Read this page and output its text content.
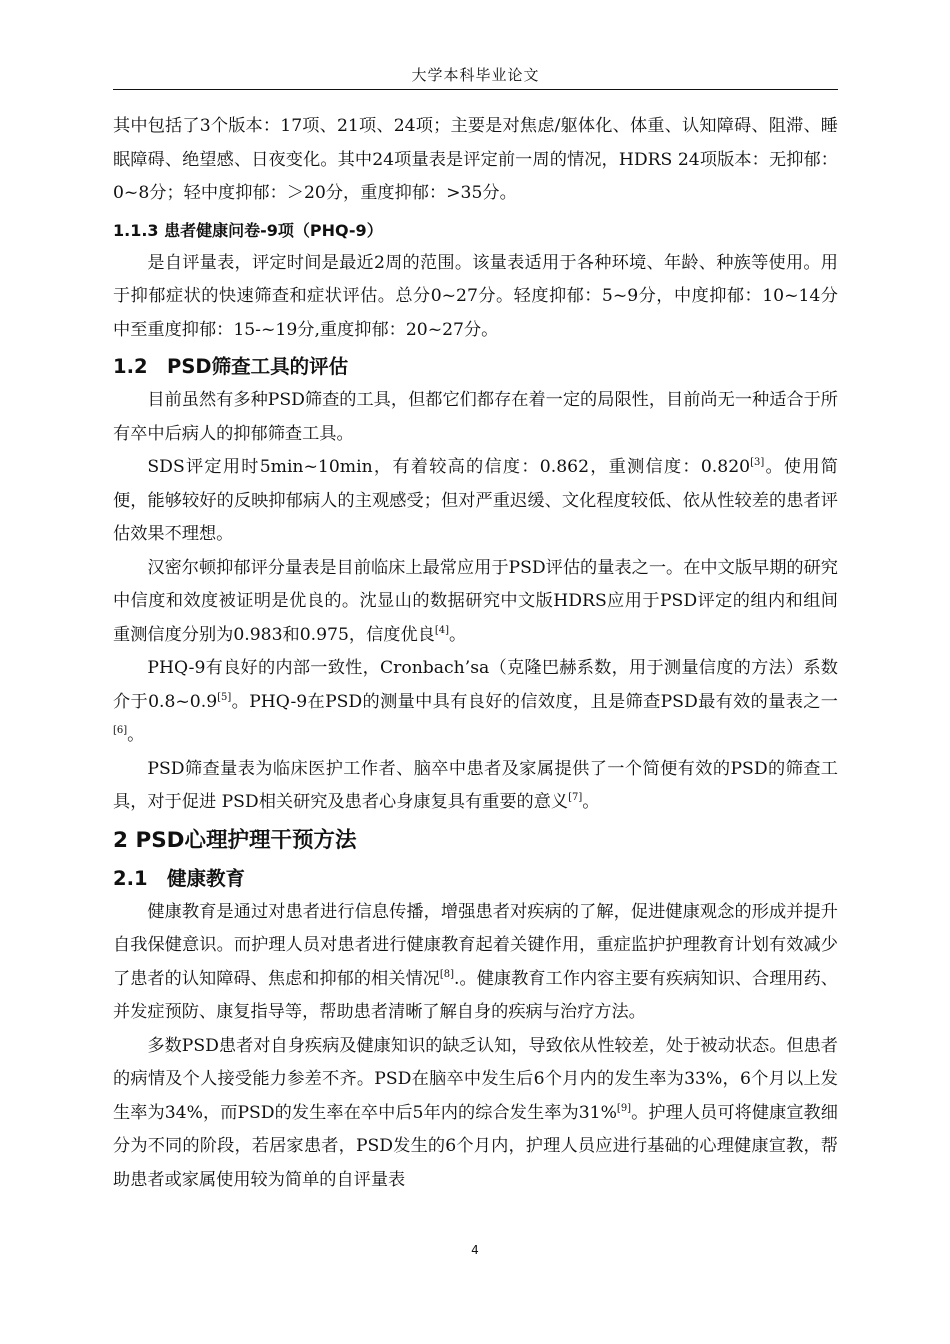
大学本科毕业论文

其中包括了3个版本：17项、21项、24项；主要是对焦虑/躯体化、体重、认知障碍、阻滞、睡眠障碍、绝望感、日夜变化。其中24项量表是评定前一周的情况，HDRS 24项版本：无抑郁：0~8分；轻中度抑郁：＞20分，重度抑郁：>35分。

1.1.3 患者健康问卷-9项（PHQ-9）

是自评量表，评定时间是最近2周的范围。该量表适用于各种环境、年龄、种族等使用。用于抑郁症状的快速筛查和症状评估。总分0~27分。轻度抑郁：5~9分，中度抑郁：10~14分中至重度抑郁：15-~19分,重度抑郁：20~27分。

1.2　PSD筛查工具的评估

目前虽然有多种PSD筛查的工具，但都它们都存在着一定的局限性，目前尚无一种适合于所有卒中后病人的抑郁筛查工具。

SDS评定用时5min~10min，有着较高的信度：0.862，重测信度：0.820[3]。使用简便，能够较好的反映抑郁病人的主观感受；但对严重迟缓、文化程度较低、依从性较差的患者评估效果不理想。

汉密尔顿抑郁评分量表是目前临床上最常应用于PSD评估的量表之一。在中文版早期的研究中信度和效度被证明是优良的。沈显山的数据研究中文版HDRS应用于PSD评定的组内和组间重测信度分别为0.983和0.975，信度优良[4]。

PHQ-9有良好的内部一致性，Cronbach’sa（克隆巴赫系数，用于测量信度的方法）系数介于0.8~0.9[5]。PHQ-9在PSD的测量中具有良好的信效度，且是筛查PSD最有效的量表之一[6]。

PSD筛查量表为临床医护工作者、脑卒中患者及家属提供了一个简便有效的PSD的筛查工具，对于促进 PSD相关研究及患者心身康复具有重要的意义[7]。

2 PSD心理护理干预方法
2.1　健康教育

健康教育是通过对患者进行信息传播，增强患者对疾病的了解，促进健康观念的形成并提升自我保健意识。而护理人员对患者进行健康教育起着关键作用，重症监护护理教育计划有效减少了患者的认知障碍、焦虑和抑郁的相关情况[8].。健康教育工作内容主要有疾病知识、合理用药、并发症预防、康复指导等，帮助患者清晰了解自身的疾病与治疗方法。

多数PSD患者对自身疾病及健康知识的缺乏认知，导致依从性较差，处于被动状态。但患者的病情及个人接受能力参差不齐。PSD在脑卒中发生后6个月内的发生率为33%，6个月以上发生率为34%，而PSD的发生率在卒中后5年内的综合发生率为31%[9]。护理人员可将健康宣教细分为不同的阶段，若居家患者，PSD发生的6个月内，护理人员应进行基础的心理健康宣教，帮助患者或家属使用较为简单的自评量表

4
